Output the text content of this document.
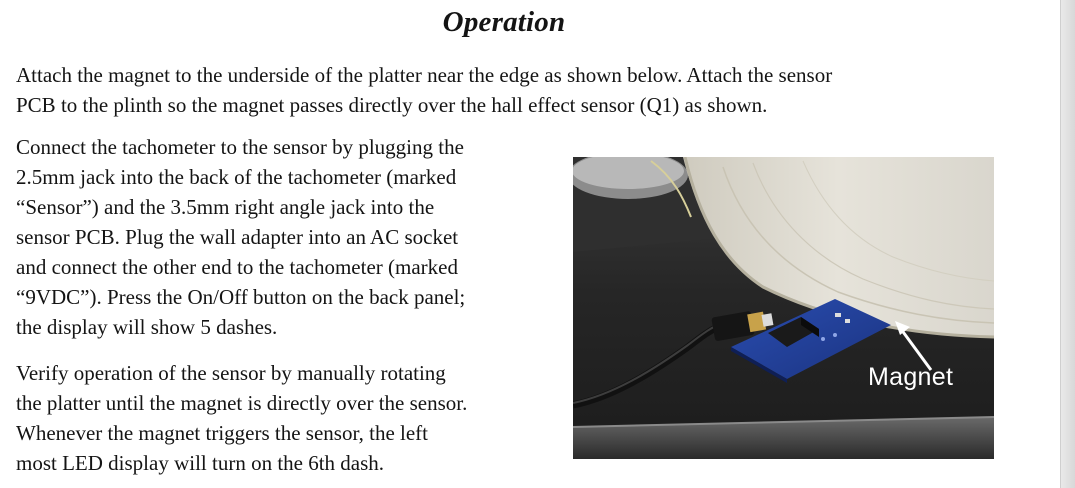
Operation

Attach the magnet to the underside of the platter near the edge as shown below. Attach the sensor
PCB to the plinth so the magnet passes directly over the hall effect sensor (Q1) as shown.

Connect the tachometer to the sensor by plugging the
2.5mm jack into the back of the tachometer (marked
“Sensor”) and the 3.5mm right angle jack into the
sensor PCB. Plug the wall adapter into an AC socket
and connect the other end to the tachometer (marked
“9VDC”). Press the On/Off button on the back panel;
the display will show 5 dashes.

Verify operation of the sensor by manually rotating
the platter until the magnet is directly over the sensor.
Whenever the magnet triggers the sensor, the left
most LED display will turn on the 6th dash.

Magnet
